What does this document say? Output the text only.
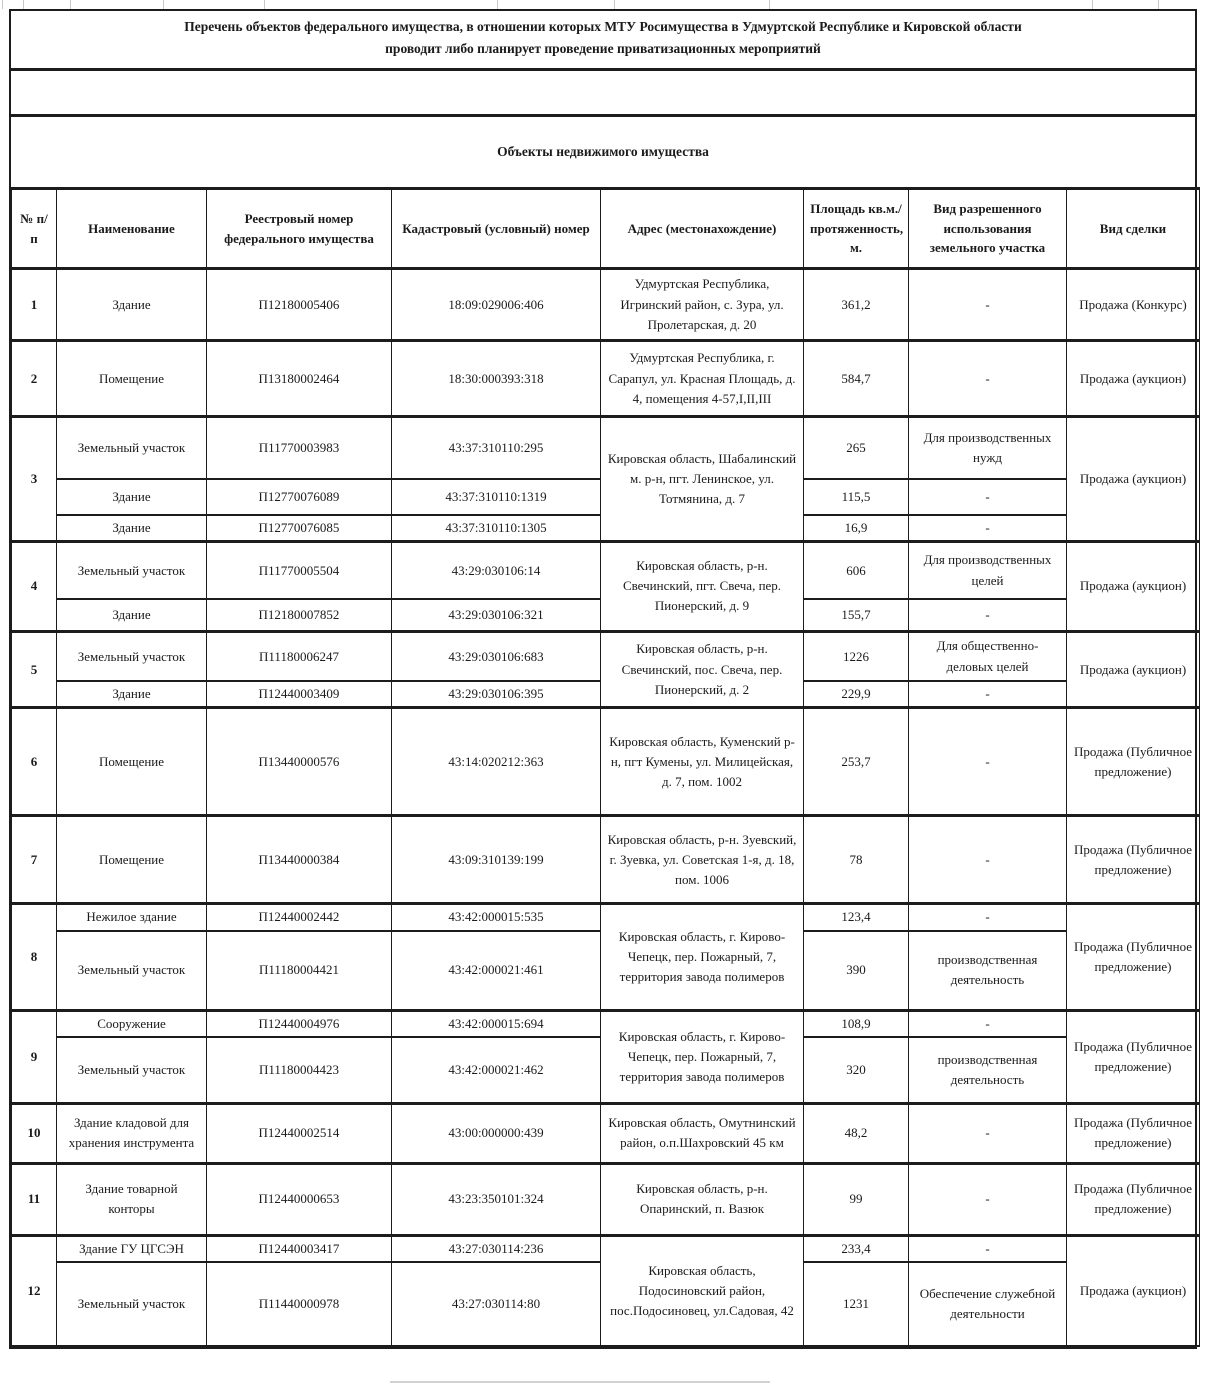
Перечень объектов федерального имущества, в отношении которых МТУ Росимущества в Удмуртской Республике и Кировской области
проводит либо планирует проведение приватизационных мероприятий
Объекты недвижимого имущества
№ п/п	Наименование	Реестровый номер федерального имущества	Кадастровый (условный) номер	Адрес (местонахождение)	Площадь кв.м./ протяженность, м.	Вид разрешенного использования земельного участка	Вид сделки
1	Здание	П12180005406	18:09:029006:406	Удмуртская Республика, Игринский район, с. Зура, ул. Пролетарская, д. 20	361,2	-	Продажа (Конкурс)
2	Помещение	П13180002464	18:30:000393:318	Удмуртская Республика, г. Сарапул, ул. Красная Площадь, д. 4, помещения 4-57,I,II,III	584,7	-	Продажа (аукцион)
3	Земельный участок	П11770003983	43:37:310110:295	Кировская область, Шабалинский м. р-н, пгт. Ленинское, ул. Тотмянина, д. 7	265	Для производственных нужд	Продажа (аукцион)
	Здание	П12770076089	43:37:310110:1319		115,5	-	
	Здание	П12770076085	43:37:310110:1305		16,9	-	
4	Земельный участок	П11770005504	43:29:030106:14	Кировская область, р-н. Свечинский, пгт. Свеча, пер. Пионерский, д. 9	606	Для производственных целей	Продажа (аукцион)
	Здание	П12180007852	43:29:030106:321		155,7	-	
5	Земельный участок	П11180006247	43:29:030106:683	Кировская область, р-н. Свечинский, пос. Свеча, пер. Пионерский, д. 2	1226	Для общественно-деловых целей	Продажа (аукцион)
	Здание	П12440003409	43:29:030106:395		229,9	-	
6	Помещение	П13440000576	43:14:020212:363	Кировская область, Куменский р-н, пгт Кумены, ул. Милицейская, д. 7, пом. 1002	253,7	-	Продажа (Публичное предложение)
7	Помещение	П13440000384	43:09:310139:199	Кировская область, р-н. Зуевский, г. Зуевка, ул. Советская 1-я, д. 18, пом. 1006	78	-	Продажа (Публичное предложение)
8	Нежилое здание	П12440002442	43:42:000015:535	Кировская область, г. Кирово-Чепецк, пер. Пожарный, 7, территория завода полимеров	123,4	-	Продажа (Публичное предложение)
	Земельный участок	П11180004421	43:42:000021:461		390	производственная деятельность	
9	Сооружение	П12440004976	43:42:000015:694	Кировская область, г. Кирово-Чепецк, пер. Пожарный, 7, территория завода полимеров	108,9	-	Продажа (Публичное предложение)
	Земельный участок	П11180004423	43:42:000021:462		320	производственная деятельность	
10	Здание кладовой для хранения инструмента	П12440002514	43:00:000000:439	Кировская область, Омутнинский район, о.п.Шахровский 45 км	48,2	-	Продажа (Публичное предложение)
11	Здание товарной конторы	П12440000653	43:23:350101:324	Кировская область, р-н. Опаринский, п. Вазюк	99	-	Продажа (Публичное предложение)
12	Здание ГУ ЦГСЭН	П12440003417	43:27:030114:236	Кировская область, Подосиновский район, пос.Подосиновец, ул.Садовая, 42	233,4	-	Продажа (аукцион)
	Земельный участок	П11440000978	43:27:030114:80		1231	Обеспечение служебной деятельности	
